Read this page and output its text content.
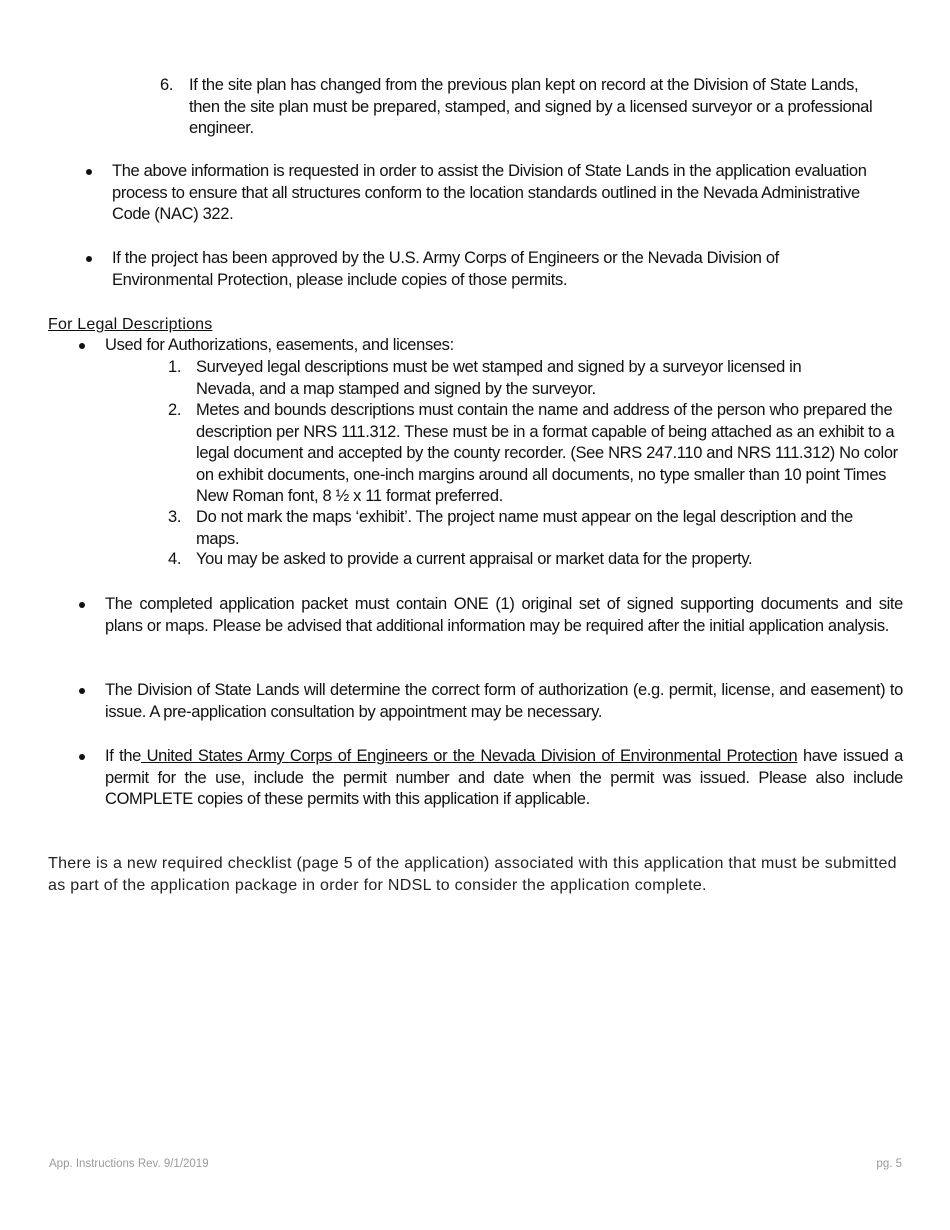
6. If the site plan has changed from the previous plan kept on record at the Division of State Lands, then the site plan must be prepared, stamped, and signed by a licensed surveyor or a professional engineer.
The above information is requested in order to assist the Division of State Lands in the application evaluation process to ensure that all structures conform to the location standards outlined in the Nevada Administrative Code (NAC) 322.
If the project has been approved by the U.S. Army Corps of Engineers or the Nevada Division of Environmental Protection, please include copies of those permits.
For Legal Descriptions
Used for Authorizations, easements, and licenses:
1. Surveyed legal descriptions must be wet stamped and signed by a surveyor licensed in Nevada, and a map stamped and signed by the surveyor.
2. Metes and bounds descriptions must contain the name and address of the person who prepared the description per NRS 111.312. These must be in a format capable of being attached as an exhibit to a legal document and accepted by the county recorder. (See NRS 247.110 and NRS 111.312) No color on exhibit documents, one-inch margins around all documents, no type smaller than 10 point Times New Roman font, 8 ½ x 11 format preferred.
3. Do not mark the maps ‘exhibit’. The project name must appear on the legal description and the maps.
4. You may be asked to provide a current appraisal or market data for the property.
The completed application packet must contain ONE (1) original set of signed supporting documents and site plans or maps. Please be advised that additional information may be required after the initial application analysis.
The Division of State Lands will determine the correct form of authorization (e.g. permit, license, and easement) to issue. A pre-application consultation by appointment may be necessary.
If the United States Army Corps of Engineers or the Nevada Division of Environmental Protection have issued a permit for the use, include the permit number and date when the permit was issued. Please also include COMPLETE copies of these permits with this application if applicable.
There is a new required checklist (page 5 of the application) associated with this application that must be submitted as part of the application package in order for NDSL to consider the application complete.
App. Instructions Rev. 9/1/2019	pg. 5
